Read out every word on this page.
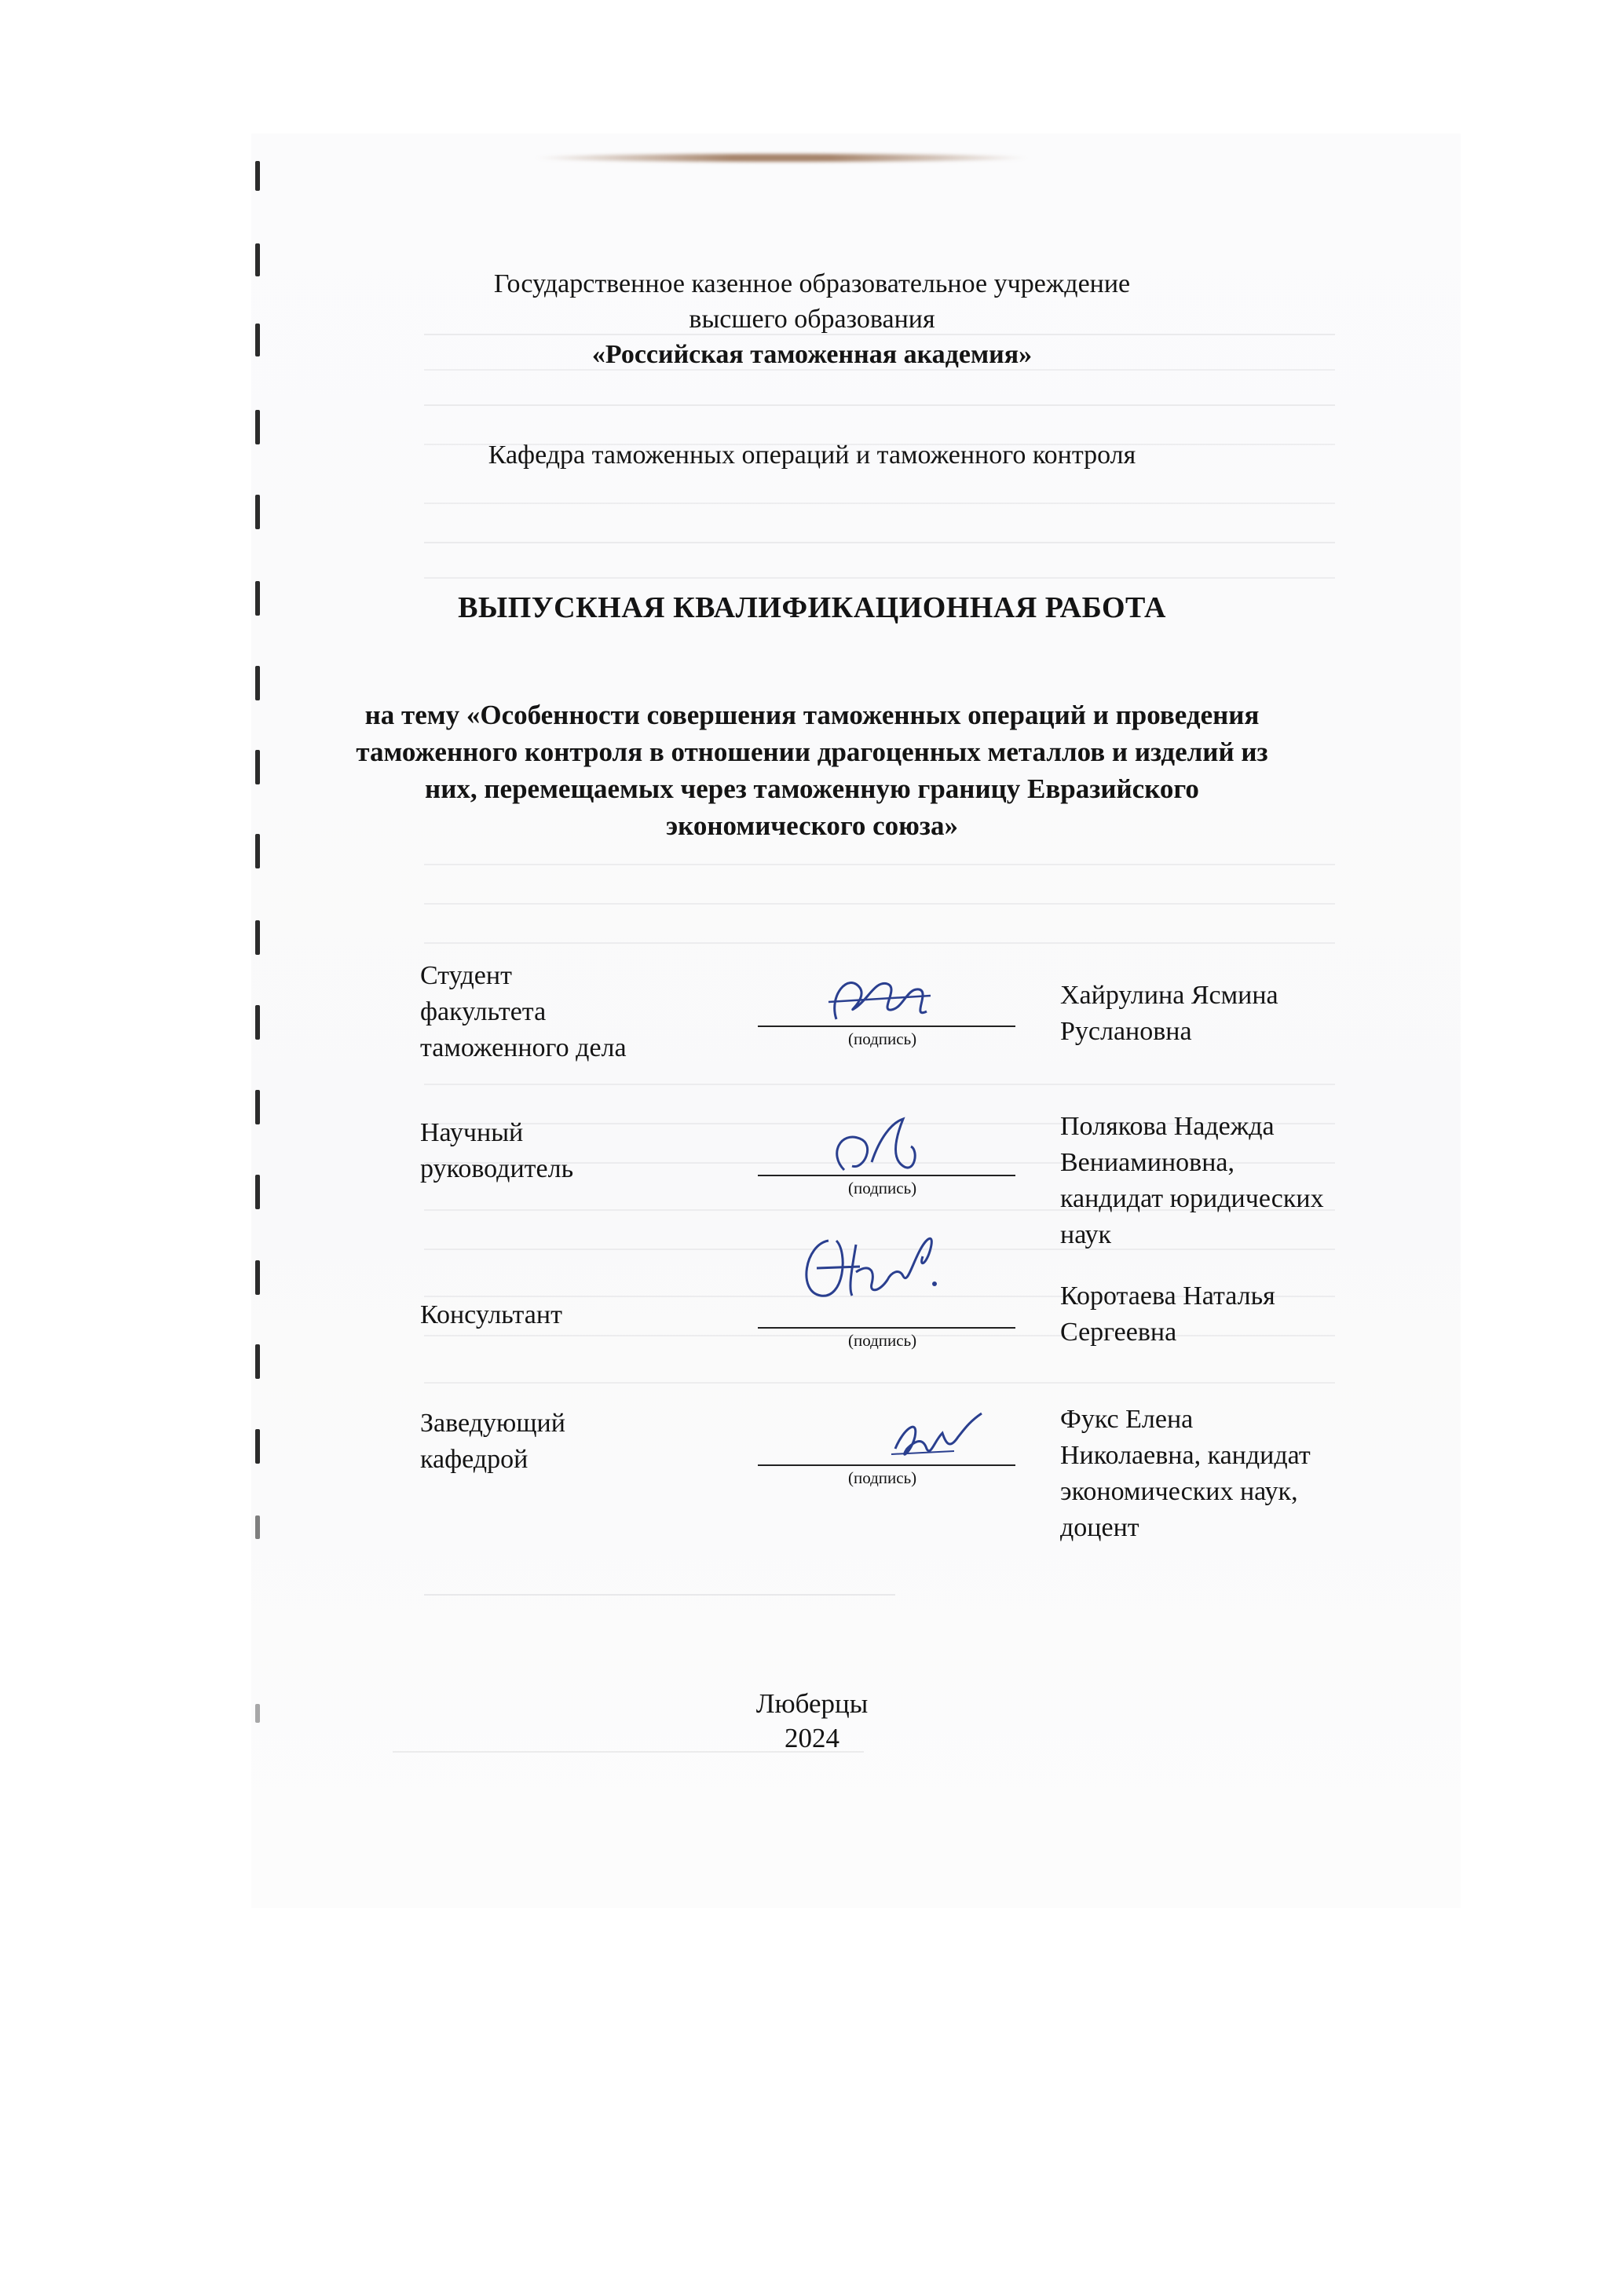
Государственное казенное образовательное учреждение
высшего образования
«Российская таможенная академия»
Кафедра таможенных операций и таможенного контроля
ВЫПУСКНАЯ КВАЛИФИКАЦИОННАЯ РАБОТА
на тему «Особенности совершения таможенных операций и проведения
таможенного контроля в отношении драгоценных металлов и изделий из
них, перемещаемых через таможенную границу Евразийского
экономического союза»
Студент
факультета
таможенного дела	(подпись)
Хайрулина Ясмина
Руслановна
Научный
руководитель
(подпись)
Полякова Надежда
Вениаминовна,
кандидат юридических
наук
Консультант
(подпись)
Коротаева Наталья
Сергеевна
Заведующий
кафедрой
(подпись)
Фукс Елена
Николаевна, кандидат
экономических наук,
доцент
Люберцы
2024
